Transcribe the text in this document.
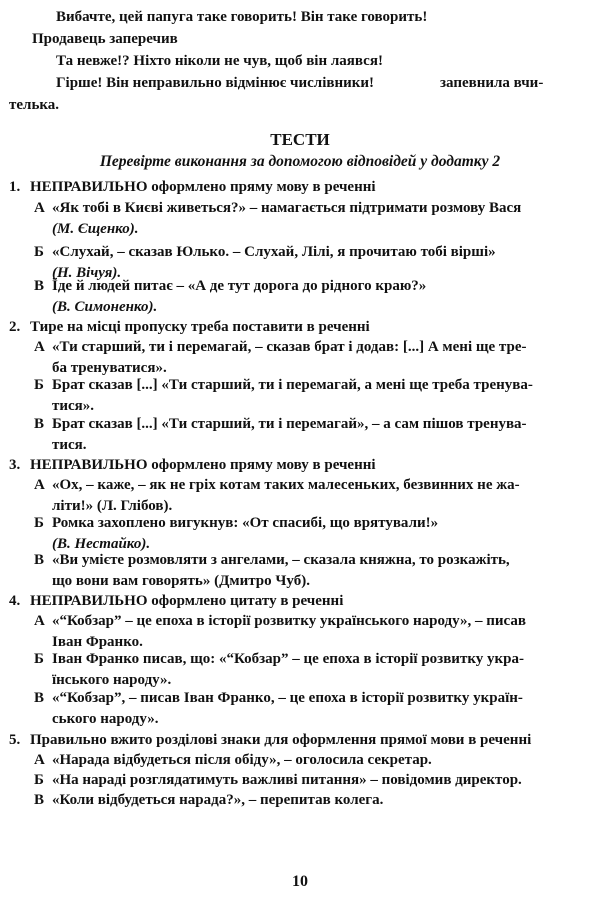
Вибачте, цей папуга таке говорить! Він таке говорить!
Продавець заперечив
Та невже!? Ніхто ніколи не чув, щоб він лаявся!
Гірше! Він неправильно відмінює числівники!	запевнила вчи-
телька.
ТЕСТИ
Перевірте виконання за допомогою відповідей у додатку 2
1. НЕПРАВИЛЬНО оформлено пряму мову в реченні
А «Як тобі в Києві живеться?» – намагається підтримати розмову Вася
(М. Єщенко).
Б «Слухай, – сказав Юлько. – Слухай, Лілі, я прочитаю тобі вірші»
(Н. Вічуя).
В Їде й людей питає – «А де тут дорога до рідного краю?»
(В. Симоненко).
2. Тире на місці пропуску треба поставити в реченні
А «Ти старший, ти і перемагай, – сказав брат і додав: [...] А мені ще тре-
ба тренуватися».
Б Брат сказав [...] «Ти старший, ти і перемагай, а мені ще треба тренува-
тися».
В Брат сказав [...] «Ти старший, ти і перемагай», – а сам пішов тренува-
тися.
3. НЕПРАВИЛЬНО оформлено пряму мову в реченні
А «Ох, – каже, – як не гріх котам таких малесеньких, безвинних не жа-
літи!» (Л. Глібов).
Б Ромка захоплено вигукнув: «От спасибі, що врятували!»
(В. Нестайко).
В «Ви умієте розмовляти з ангелами, – сказала княжна, то розкажіть,
що вони вам говорять» (Дмитро Чуб).
4. НЕПРАВИЛЬНО оформлено цитату в реченні
А «“Кобзар” – це епоха в історії розвитку українського народу», – писав
Іван Франко.
Б Іван Франко писав, що: «“Кобзар” – це епоха в історії розвитку укра-
їнського народу».
В «“Кобзар”, – писав Іван Франко, – це епоха в історії розвитку україн-
ського народу».
5. Правильно вжито розділові знаки для оформлення прямої мови в реченні
А «Нарада відбудеться після обіду», – оголосила секретар.
Б «На нараді розглядатимуть важливі питання» – повідомив директор.
В «Коли відбудеться нарада?», – перепитав колега.
10
